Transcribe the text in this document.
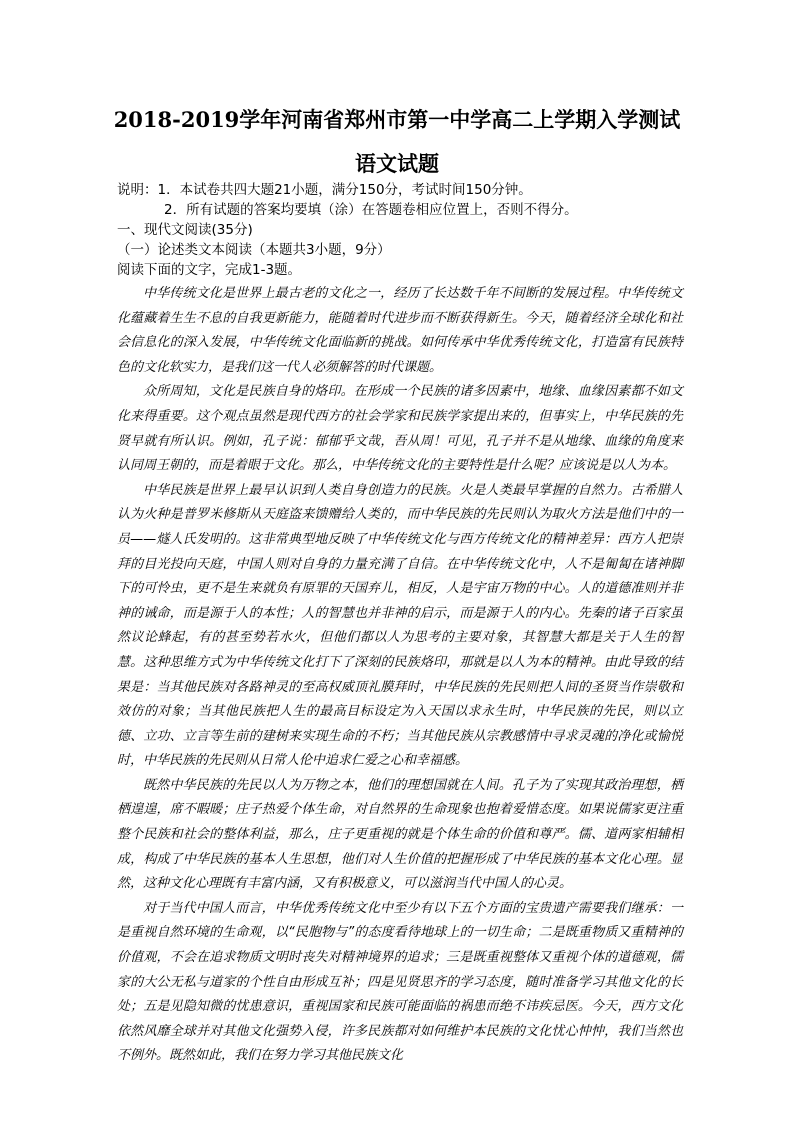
2018-2019学年河南省郑州市第一中学高二上学期入学测试
语文试题
说明：1．本试卷共四大题21小题，满分150分，考试时间150分钟。
2．所有试题的答案均要填（涂）在答题卷相应位置上，否则不得分。
一、现代文阅读(35分)
（一）论述类文本阅读（本题共3小题，9分）
阅读下面的文字，完成1-3题。

中华传统文化是世界上最古老的文化之一，经历了长达数千年不间断的发展过程。中华传统文化蕴藏着生生不息的自我更新能力，能随着时代进步而不断获得新生。今天，随着经济全球化和社会信息化的深入发展，中华传统文化面临新的挑战。如何传承中华优秀传统文化，打造富有民族特色的文化软实力，是我们这一代人必须解答的时代课题。

众所周知，文化是民族自身的烙印。在形成一个民族的诸多因素中，地缘、血缘因素都不如文化来得重要。这个观点虽然是现代西方的社会学家和民族学家提出来的，但事实上，中华民族的先贤早就有所认识。例如，孔子说：郁郁乎文哉，吾从周！可见，孔子并不是从地缘、血缘的角度来认同周王朝的，而是着眼于文化。那么，中华传统文化的主要特性是什么呢？应该说是以人为本。

中华民族是世界上最早认识到人类自身创造力的民族。火是人类最早掌握的自然力。古希腊人认为火种是普罗米修斯从天庭盗来馈赠给人类的，而中华民族的先民则认为取火方法是他们中的一员——燧人氏发明的。这非常典型地反映了中华传统文化与西方传统文化的精神差异：西方人把崇拜的目光投向天庭，中国人则对自身的力量充满了自信。在中华传统文化中，人不是匍匐在诸神脚下的可怜虫，更不是生来就负有原罪的天国弃儿，相反，人是宇宙万物的中心。人的道德准则并非神的诫命，而是源于人的本性；人的智慧也并非神的启示，而是源于人的内心。先秦的诸子百家虽然议论蜂起，有的甚至势若水火，但他们都以人为思考的主要对象，其智慧大都是关于人生的智慧。这种思维方式为中华传统文化打下了深刻的民族烙印，那就是以人为本的精神。由此导致的结果是：当其他民族对各路神灵的至高权威顶礼膜拜时，中华民族的先民则把人间的圣贤当作崇敬和效仿的对象；当其他民族把人生的最高目标设定为入天国以求永生时，中华民族的先民，则以立德、立功、立言等生前的建树来实现生命的不朽；当其他民族从宗教感情中寻求灵魂的净化或愉悦时，中华民族的先民则从日常人伦中追求仁爱之心和幸福感。

既然中华民族的先民以人为万物之本，他们的理想国就在人间。孔子为了实现其政治理想，栖栖遑遑，席不暇暖；庄子热爱个体生命，对自然界的生命现象也抱着爱惜态度。如果说儒家更注重整个民族和社会的整体利益，那么，庄子更重视的就是个体生命的价值和尊严。儒、道两家相辅相成，构成了中华民族的基本人生思想，他们对人生价值的把握形成了中华民族的基本文化心理。显然，这种文化心理既有丰富内涵，又有积极意义，可以滋润当代中国人的心灵。

对于当代中国人而言，中华优秀传统文化中至少有以下五个方面的宝贵遗产需要我们继承：一是重视自然环境的生命观，以“民胞物与”的态度看待地球上的一切生命；二是既重物质又重精神的价值观，不会在追求物质文明时丧失对精神境界的追求；三是既重视整体又重视个体的道德观，儒家的大公无私与道家的个性自由形成互补；四是见贤思齐的学习态度，随时准备学习其他文化的长处；五是见隐知微的忧患意识，重视国家和民族可能面临的祸患而绝不讳疾忌医。今天，西方文化依然风靡全球并对其他文化强势入侵，许多民族都对如何维护本民族的文化忧心忡忡，我们当然也不例外。既然如此，我们在努力学习其他民族文化
